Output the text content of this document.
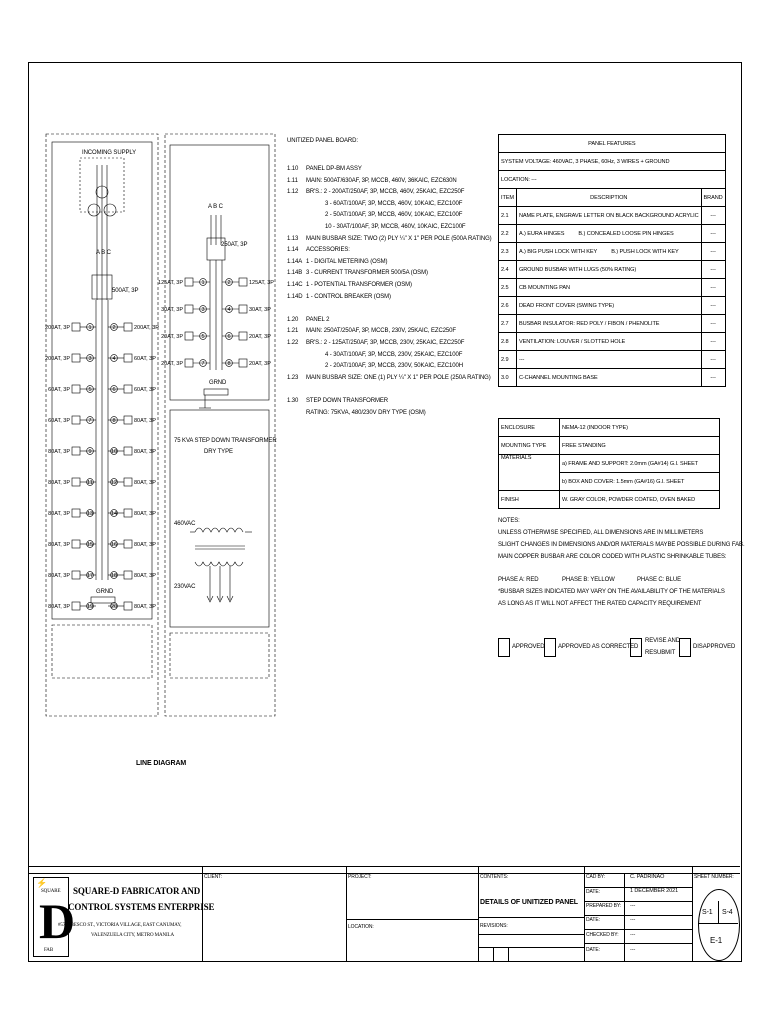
1	2
200AT, 3P	200AT, 3P
3	4
200AT, 3P	60AT, 3P
5	6
60AT, 3P	60AT, 3P
7	8
60AT, 3P	80AT, 3P
9	10
80AT, 3P	80AT, 3P
11	12
80AT, 3P	80AT, 3P
13	14
80AT, 3P	80AT, 3P
15	16
80AT, 3P	80AT, 3P
17	18
80AT, 3P	80AT, 3P
19	20
80AT, 3P	80AT, 3P
1	2
125AT, 3P	125AT, 3P
3	4
30AT, 3P	30AT, 3P
5	6
20AT, 3P	20AT, 3P
7	8
20AT, 3P	20AT, 3P
INCOMING SUPPLY
A B C
A B C
500AT, 3P
250AT, 3P
GRND
GRND
75 KVA STEP DOWN TRANSFORMER
DRY TYPE
460VAC
230VAC
LINE DIAGRAM
UNITIZED PANEL BOARD:
1.10 PANEL DP-BM ASSY
1.11 MAIN: 500AT/630AF, 3P, MCCB, 460V, 36KAIC, EZC630N
1.12 BR'S.: 2 - 200AT/250AF, 3P, MCCB, 460V, 25KAIC, EZC250F
3 - 60AT/100AF, 3P, MCCB, 460V, 10KAIC, EZC100F
2 - 50AT/100AF, 3P, MCCB, 460V, 10KAIC, EZC100F
10 - 30AT/100AF, 3P, MCCB, 460V, 10KAIC, EZC100F
1.13 MAIN BUSBAR SIZE: TWO (2) PLY ¼" X 1" PER POLE (500A RATING)
1.14 ACCESSORIES:
1.14A 1 - DIGITAL METERING (OSM)
1.14B 3 - CURRENT TRANSFORMER 500/5A (OSM)
1.14C 1 - POTENTIAL TRANSFORMER (OSM)
1.14D 1 - CONTROL BREAKER (OSM)
1.20 PANEL 2
1.21 MAIN: 250AT/250AF, 3P, MCCB, 230V, 25KAIC, EZC250F
1.22 BR'S.: 2 - 125AT/250AF, 3P, MCCB, 230V, 25KAIC, EZC250F
4 - 30AT/100AF, 3P, MCCB, 230V, 25KAIC, EZC100F
2 - 20AT/100AF, 3P, MCCB, 230V, 50KAIC, EZC100H
1.23 MAIN BUSBAR SIZE: ONE (1) PLY ¼" X 1" PER POLE (250A RATING)
1.30 STEP DOWN TRANSFORMER
RATING: 75KVA, 480/230V DRY TYPE (OSM)
PANEL FEATURES		
SYSTEM VOLTAGE: 460VAC, 3 PHASE, 60Hz, 3 WIRES + GROUND		
LOCATION: ---		
ITEM	DESCRIPTION	BRAND
2.1	NAME PLATE, ENGRAVE LETTER ON BLACK BACKGROUND ACRYLIC	---
2.2	A.) EURA HINGES B.) CONCEALED LOOSE PIN HINGES	---
2.3	A.) BIG PUSH LOCK WITH KEY B.) PUSH LOCK WITH KEY	---
2.4	GROUND BUSBAR WITH LUGS (50% RATING)	---
2.5	CB MOUNTING PAN	---
2.6	DEAD FRONT COVER (SWING TYPE)	---
2.7	BUSBAR INSULATOR: RED POLY / FIBON / PHENOLITE	---
2.8	VENTILATION: LOUVER / SLOTTED HOLE	---
2.9	---	---
3.0	C-CHANNEL MOUNTING BASE	---
ENCLOSURE	NEMA-12 (INDOOR TYPE)
MOUNTING TYPE	FREE STANDING
MATERIALS	a) FRAME AND SUPPORT: 2.0mm (GA#14) G.I. SHEET
	b) BOX AND COVER: 1.5mm (GA#16) G.I. SHEET
FINISH	W. GRAY COLOR, POWDER COATED, OVEN BAKED
NOTES:
UNLESS OTHERWISE SPECIFIED, ALL DIMENSIONS ARE IN MILLIMETERS
SLIGHT CHANGES IN DIMENSIONS AND/OR MATERIALS MAYBE POSSIBLE DURING FAB.
MAIN COPPER BUSBAR ARE COLOR CODED WITH PLASTIC SHRINKABLE TUBES:
PHASE A: RED	PHASE B: YELLOW	PHASE C: BLUE
*BUSBAR SIZES INDICATED MAY VARY ON THE AVAILABILITY OF THE MATERIALS
AS LONG AS IT WILL NOT AFFECT THE RATED CAPACITY REQUIREMENT
APPROVED APPROVED AS CORRECTED
REVISE AND
RESUBMIT
DISAPPROVED
SQUARE
D
FAB
⚡
SQUARE-D FABRICATOR AND
CONTROL SYSTEMS ENTERPRISE
#57 SIBESCO ST., VICTORIA VILLAGE, EAST CANUMAY,
VALENZUELA CITY, METRO MANILA
CLIENT:	PROJECT:
LOCATION:
CONTENTS:
DETAILS OF UNITIZED PANEL
REVISIONS:
CAD BY:	C. PADRINAO
DATE:	1 DECEMBER 2021
PREPARED BY: ---
DATE:	---
CHECKED BY: ---
DATE:	---
SHEET NUMBER:
S-1 S-4
E-1
